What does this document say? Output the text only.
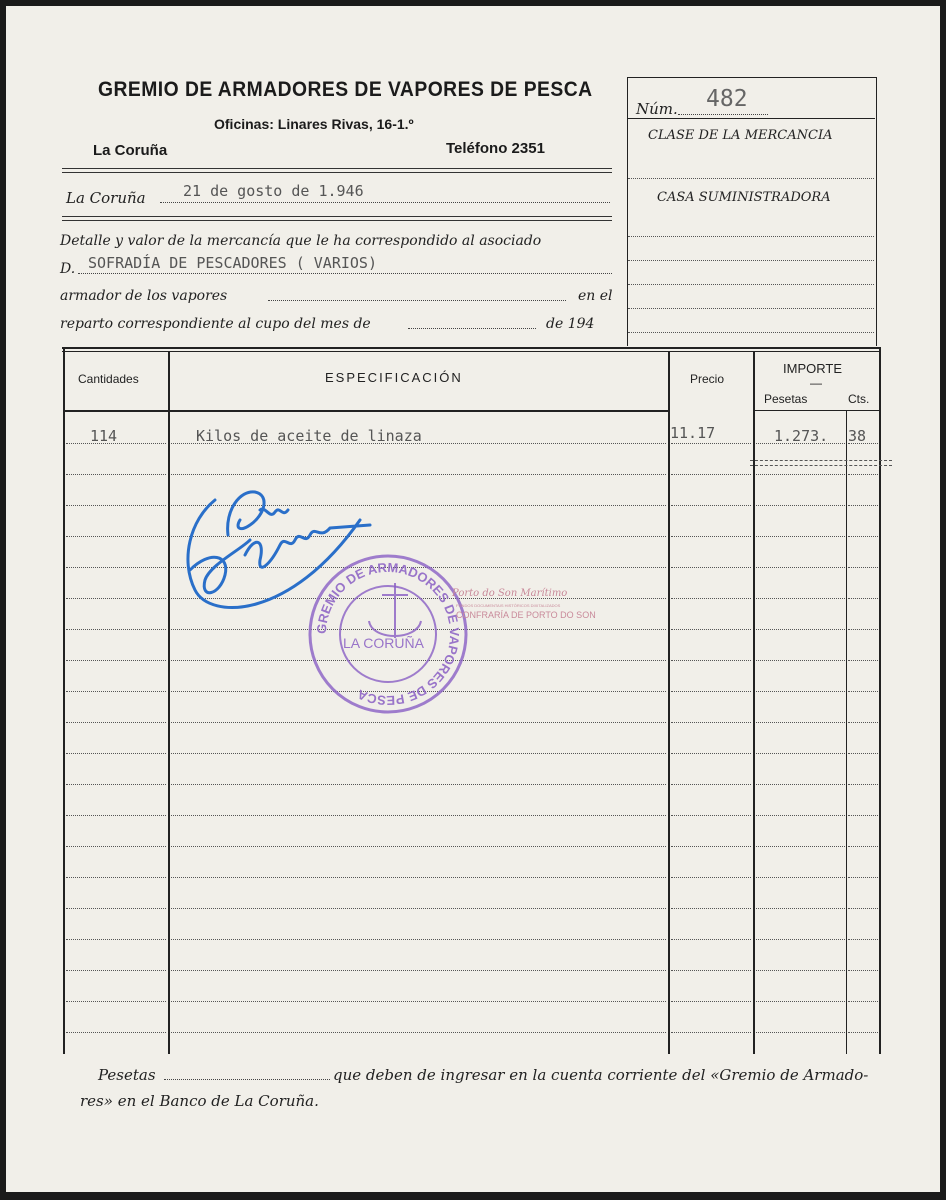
GREMIO DE ARMADORES DE VAPORES DE PESCA
Oficinas: Linares Rivas, 16-1.º
La Coruña	Teléfono 2351
La Coruña 21 de gosto de 1.946
Detalle y valor de la mercancía que le ha correspondido al asociado
D. SOFRADÍA DE PESCADORES ( VARIOS)
armador de los vapores	en el
reparto correspondiente al cupo del mes de	de 194
Núm. 482
CLASE DE LA MERCANCIA
CASA SUMINISTRADORA
Cantidades	ESPECIFICACIÓN	Precio
IMPORTE
—
Pesetas	Cts.
114	Kilos de aceite de linaza	11.17	1.273. 38
GREMIO DE ARMADORES DE VAPORES DE PESCA
LA CORUÑA
Porto do Son Marítimo
FONDOS DOCUMENTAIS HISTÓRICOS DIXITALIZADOS
CONFRARÍA DE PORTO DO SON
Pesetas	que deben de ingresar en la cuenta corriente del «Gremio de Armado-
res» en el Banco de La Coruña.
